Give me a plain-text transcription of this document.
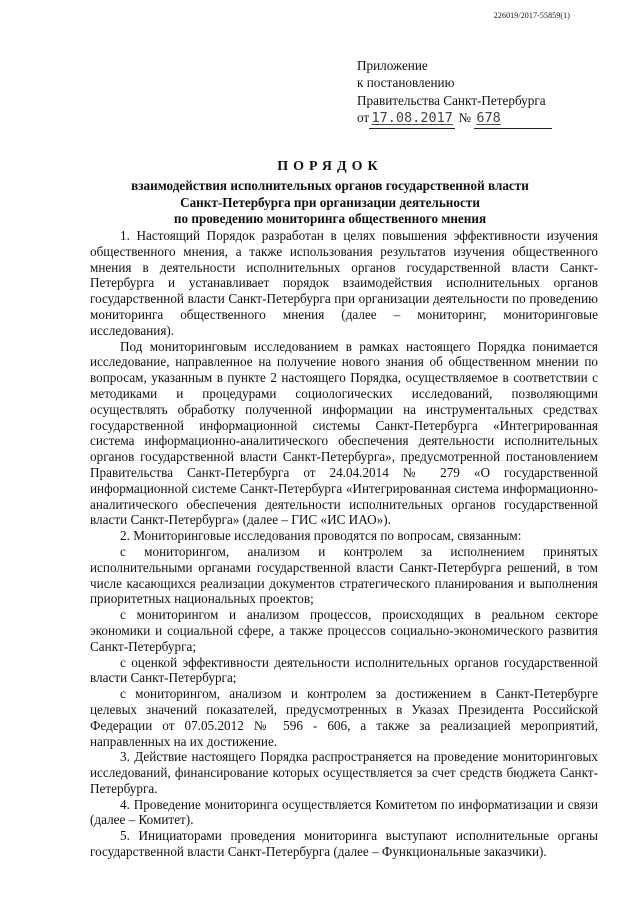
226019/2017-55859(1)
Приложение
к постановлению
Правительства Санкт-Петербурга
от 17.08.2017 № 678
ПОРЯДОК
взаимодействия исполнительных органов государственной власти
Санкт-Петербурга при организации деятельности
по проведению мониторинга общественного мнения

1. Настоящий Порядок разработан в целях повышения эффективности изучения общественного мнения, а также использования результатов изучения общественного мнения в деятельности исполнительных органов государственной власти Санкт-Петербурга и устанавливает порядок взаимодействия исполнительных органов государственной власти Санкт-Петербурга при организации деятельности по проведению мониторинга общественного мнения (далее – мониторинг, мониторинговые исследования).

Под мониторинговым исследованием в рамках настоящего Порядка понимается исследование, направленное на получение нового знания об общественном мнении по вопросам, указанным в пункте 2 настоящего Порядка, осуществляемое в соответствии с методиками и процедурами социологических исследований, позволяющими осуществлять обработку полученной информации на инструментальных средствах государственной информационной системы Санкт-Петербурга «Интегрированная система информационно-аналитического обеспечения деятельности исполнительных органов государственной власти Санкт-Петербурга», предусмотренной постановлением Правительства Санкт-Петербурга от 24.04.2014 № 279 «О государственной информационной системе Санкт-Петербурга «Интегрированная система информационно-аналитического обеспечения деятельности исполнительных органов государственной власти Санкт-Петербурга» (далее – ГИС «ИС ИАО»).

2. Мониторинговые исследования проводятся по вопросам, связанным:

с мониторингом, анализом и контролем за исполнением принятых исполнительными органами государственной власти Санкт-Петербурга решений, в том числе касающихся реализации документов стратегического планирования и выполнения приоритетных национальных проектов;

с мониторингом и анализом процессов, происходящих в реальном секторе экономики и социальной сфере, а также процессов социально-экономического развития Санкт-Петербурга;

с оценкой эффективности деятельности исполнительных органов государственной власти Санкт-Петербурга;

с мониторингом, анализом и контролем за достижением в Санкт-Петербурге целевых значений показателей, предусмотренных в Указах Президента Российской Федерации от 07.05.2012 № 596 - 606, а также за реализацией мероприятий, направленных на их достижение.

3. Действие настоящего Порядка распространяется на проведение мониторинговых исследований, финансирование которых осуществляется за счет средств бюджета Санкт-Петербурга.

4. Проведение мониторинга осуществляется Комитетом по информатизации и связи (далее – Комитет).

5. Инициаторами проведения мониторинга выступают исполнительные органы государственной власти Санкт-Петербурга (далее – Функциональные заказчики).
